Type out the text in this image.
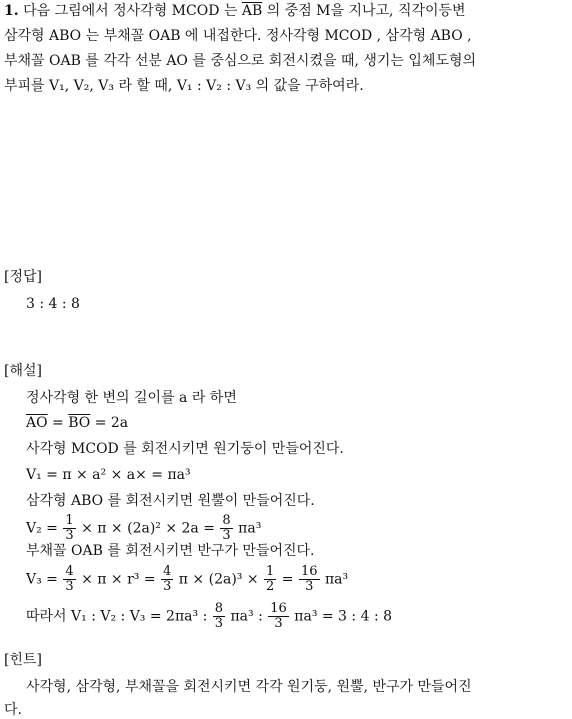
1. 다음 그림에서 정사각형 MCOD 는 $\overline{AB}$ 의 중점 M을 지나고, 직각이등변
삼각형 ABO 는 부채꼴 OAB 에 내접한다. 정사각형 MCOD , 삼각형 ABO ,
부채꼴 OAB 를 각각 선분 AO 를 중심으로 회전시켰을 때, 생기는 입체도형의
부피를 V₁, V₂, V₃ 라 할 때, V₁ : V₂ : V₃ 의 값을 구하여라.
[정답]
3 : 4 : 8
[해설]
정사각형 한 변의 길이를 a 라 하면
$\overline{AO} = \overline{BO} = 2a$
사각형 MCOD 를 회전시키면 원기둥이 만들어진다.
V₁ = π × a² × a× = πa³
삼각형 ABO 를 회전시키면 원뿔이 만들어진다.
$V_2 = \frac{1}{3} \times \pi \times (2a)^2 \times 2a = \frac{8}{3} \pi a^3$
부채꼴 OAB 를 회전시키면 반구가 만들어진다.
$V_3 = \frac{4}{3} \times \pi \times r^3 = \frac{4}{3}$ $\pi \times (2a)^3 \times \frac{1}{2} = \frac{16}{3} \pi a^3$
따라서 V₁ : V₂ : V₃ = 2πa³ : $\frac{8}{3} \pi a^3$ : $\frac{16}{3} \pi a^3 = 3$ : 4 : 8
[힌트]
사각형, 삼각형, 부채꼴을 회전시키면 각각 원기둥, 원뿔, 반구가 만들어진
다.
